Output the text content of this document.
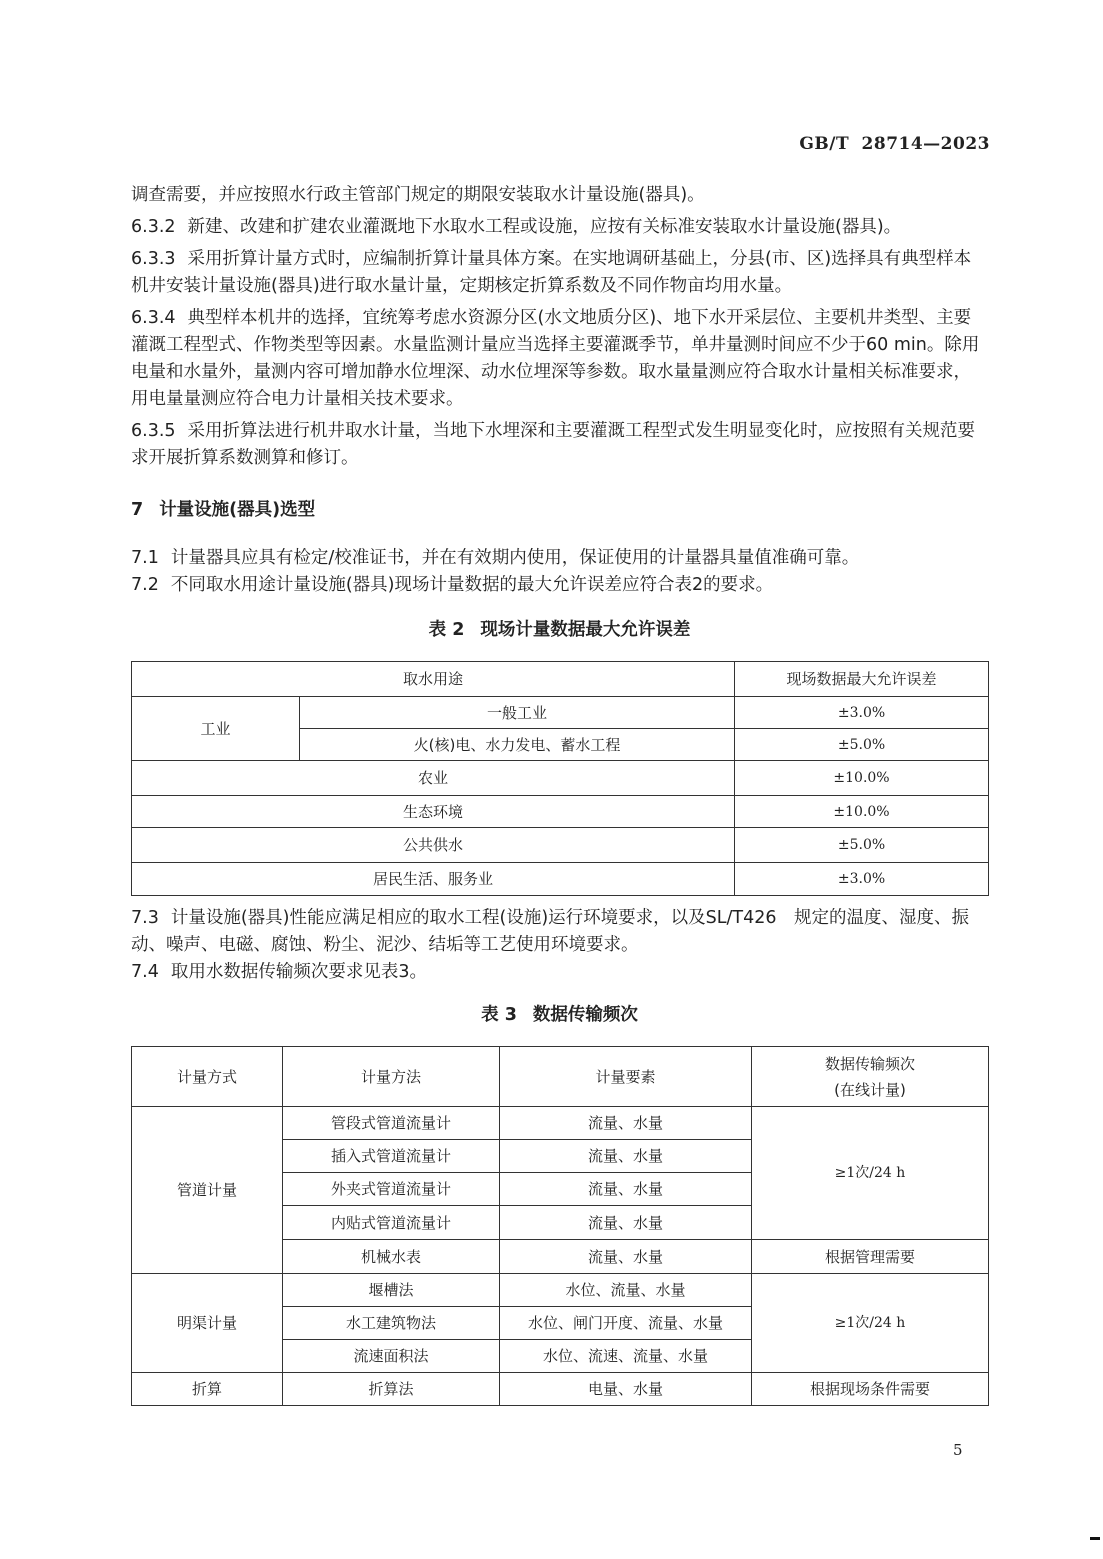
GB/T 28714—2023

调查需要，并应按照水行政主管部门规定的期限安装取水计量设施(器具)。

6.3.2 新建、改建和扩建农业灌溉地下水取水工程或设施，应按有关标准安装取水计量设施(器具)。

6.3.3 采用折算计量方式时，应编制折算计量具体方案。在实地调研基础上，分县(市、区)选择具有典型样本机井安装计量设施(器具)进行取水量计量，定期核定折算系数及不同作物亩均用水量。

6.3.4 典型样本机井的选择，宜统筹考虑水资源分区(水文地质分区)、地下水开采层位、主要机井类型、主要灌溉工程型式、作物类型等因素。水量监测计量应当选择主要灌溉季节，单井量测时间应不少于60 min。除用电量和水量外，量测内容可增加静水位埋深、动水位埋深等参数。取水量量测应符合取水计量相关标准要求，用电量量测应符合电力计量相关技术要求。

6.3.5 采用折算法进行机井取水计量，当地下水埋深和主要灌溉工程型式发生明显变化时，应按照有关规范要求开展折算系数测算和修订。

7 计量设施(器具)选型

7.1 计量器具应具有检定/校准证书，并在有效期内使用，保证使用的计量器具量值准确可靠。

7.2 不同取水用途计量设施(器具)现场计量数据的最大允许误差应符合表2的要求。

表 2 现场计量数据最大允许误差

取水用途		现场数据最大允许误差
工业	一般工业	±3.0%
	火(核)电、水力发电、蓄水工程	±5.0%
农业		±10.0%
生态环境		±10.0%
公共供水		±5.0%
居民生活、服务业		±3.0%

7.3 计量设施(器具)性能应满足相应的取水工程(设施)运行环境要求，以及SL/T426　规定的温度、湿度、振动、噪声、电磁、腐蚀、粉尘、泥沙、结垢等工艺使用环境要求。

7.4 取用水数据传输频次要求见表3。

表 3 数据传输频次

计量方式	计量方法	计量要素	数据传输频次
(在线计量)

管道计量	管段式管道流量计	流量、水量	≥1次/24 h
	插入式管道流量计	流量、水量	
	外夹式管道流量计	流量、水量	
	内贴式管道流量计	流量、水量	
	机械水表	流量、水量	根据管理需要
明渠计量	堰槽法	水位、流量、水量	≥1次/24 h
	水工建筑物法	水位、闸门开度、流量、水量	
	流速面积法	水位、流速、流量、水量	
折算	折算法	电量、水量	根据现场条件需要
5
